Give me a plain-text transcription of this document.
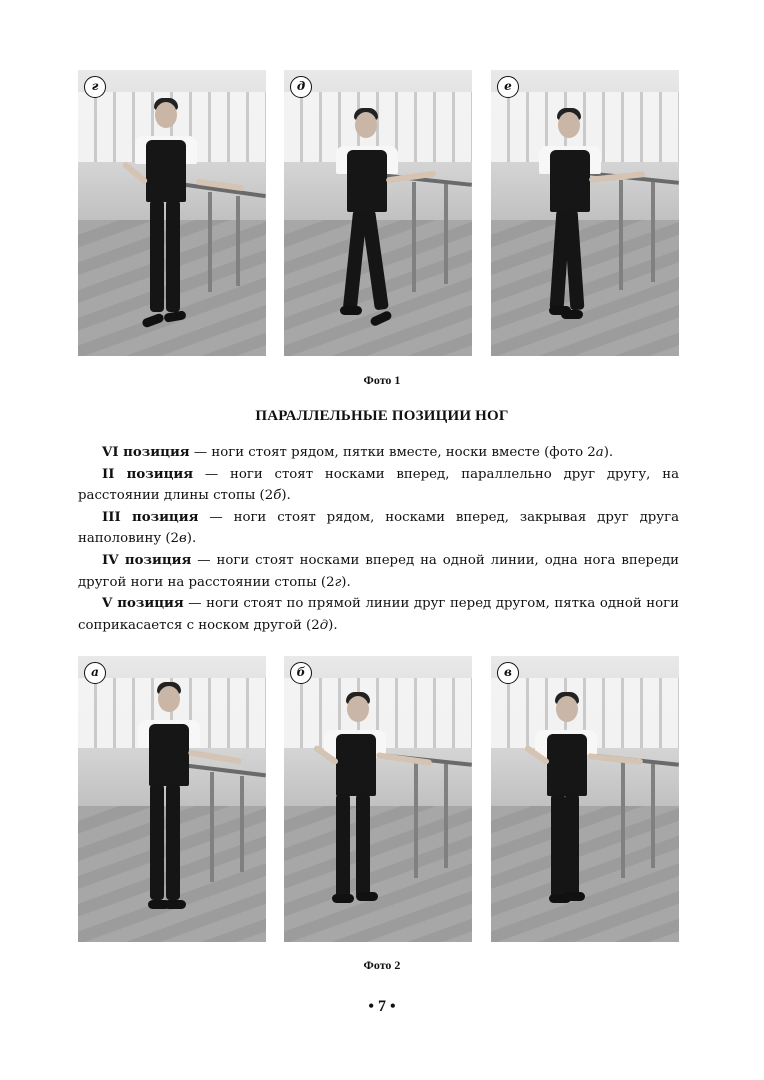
г	д	е
Фото 1
ПАРАЛЛЕЛЬНЫЕ ПОЗИЦИИ НОГ

VI позиция — ноги стоят рядом, пятки вместе, носки вместе (фото 2а).

II позиция — ноги стоят носками вперед, параллельно друг другу, на расстоянии длины стопы (2б).

III позиция — ноги стоят рядом, носками вперед, закрывая друг друга наполовину (2в).

IV позиция — ноги стоят носками вперед на одной линии, одна нога впереди другой ноги на расстоянии стопы (2г).

V позиция — ноги стоят по прямой линии друг перед другом, пятка одной ноги соприкасается с носком другой (2д).

а	б	в
Фото 2
• 7 •
